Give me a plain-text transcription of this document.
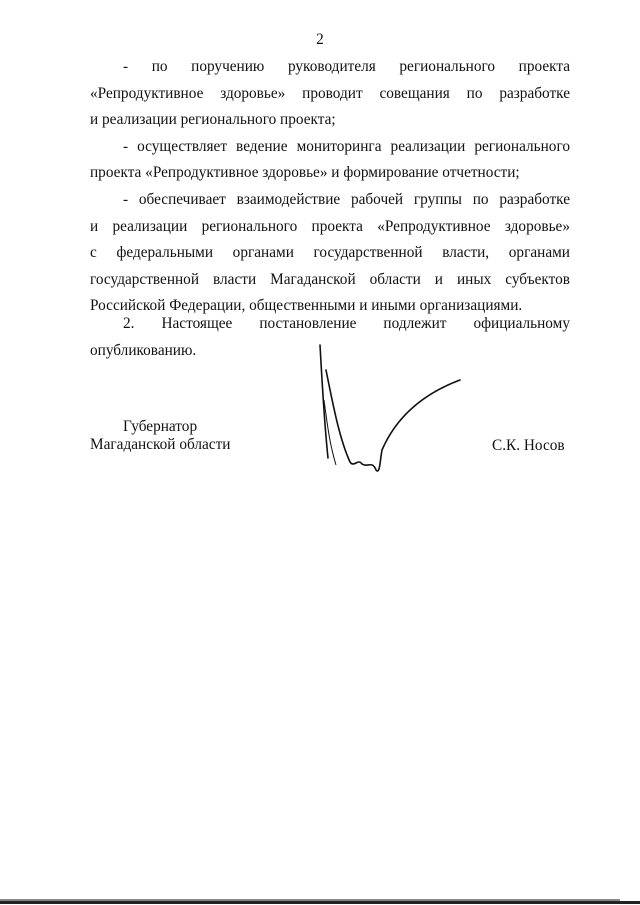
2
- по поручению руководителя регионального проекта
«Репродуктивное здоровье» проводит совещания по разработке
и реализации регионального проекта;
- осуществляет ведение мониторинга реализации регионального
проекта «Репродуктивное здоровье» и формирование отчетности;
- обеспечивает взаимодействие рабочей группы по разработке
и реализации регионального проекта «Репродуктивное здоровье»
с федеральными органами государственной власти, органами
государственной власти Магаданской области и иных субъектов
Российской Федерации, общественными и иными организациями.
2. Настоящее постановление подлежит официальному
опубликованию.
Губернатор
Магаданской области	С.К. Носов
